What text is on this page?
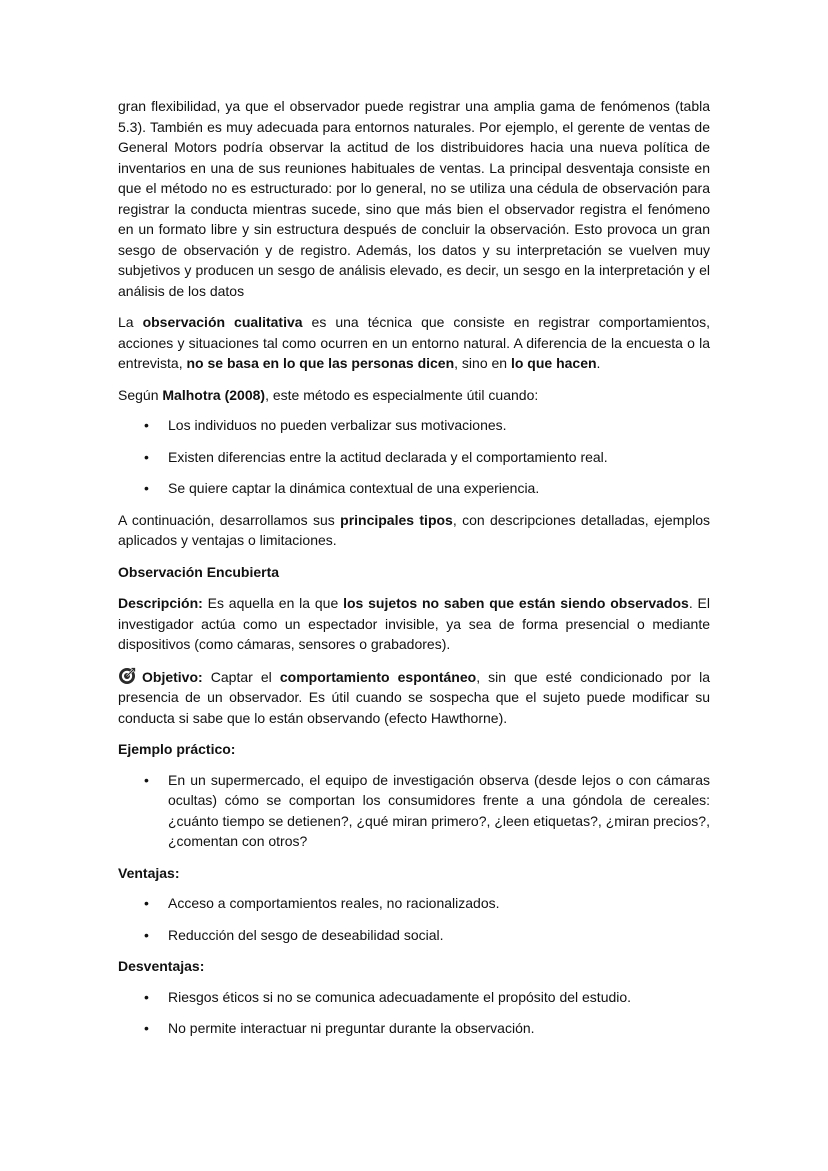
gran flexibilidad, ya que el observador puede registrar una amplia gama de fenómenos (tabla 5.3). También es muy adecuada para entornos naturales. Por ejemplo, el gerente de ventas de General Motors podría observar la actitud de los distribuidores hacia una nueva política de inventarios en una de sus reuniones habituales de ventas. La principal desventaja consiste en que el método no es estructurado: por lo general, no se utiliza una cédula de observación para registrar la conducta mientras sucede, sino que más bien el observador registra el fenómeno en un formato libre y sin estructura después de concluir la observación. Esto provoca un gran sesgo de observación y de registro. Además, los datos y su interpretación se vuelven muy subjetivos y producen un sesgo de análisis elevado, es decir, un sesgo en la interpretación y el análisis de los datos

La observación cualitativa es una técnica que consiste en registrar comportamientos, acciones y situaciones tal como ocurren en un entorno natural. A diferencia de la encuesta o la entrevista, no se basa en lo que las personas dicen, sino en lo que hacen.

Según Malhotra (2008), este método es especialmente útil cuando:

• Los individuos no pueden verbalizar sus motivaciones.
• Existen diferencias entre la actitud declarada y el comportamiento real.
• Se quiere captar la dinámica contextual de una experiencia.

A continuación, desarrollamos sus principales tipos, con descripciones detalladas, ejemplos aplicados y ventajas o limitaciones.

Observación Encubierta

Descripción: Es aquella en la que los sujetos no saben que están siendo observados. El investigador actúa como un espectador invisible, ya sea de forma presencial o mediante dispositivos (como cámaras, sensores o grabadores).

Objetivo: Captar el comportamiento espontáneo, sin que esté condicionado por la presencia de un observador. Es útil cuando se sospecha que el sujeto puede modificar su conducta si sabe que lo están observando (efecto Hawthorne).

Ejemplo práctico:

• En un supermercado, el equipo de investigación observa (desde lejos o con cámaras ocultas) cómo se comportan los consumidores frente a una góndola de cereales: ¿cuánto tiempo se detienen?, ¿qué miran primero?, ¿leen etiquetas?, ¿miran precios?, ¿comentan con otros?

Ventajas:

• Acceso a comportamientos reales, no racionalizados.
• Reducción del sesgo de deseabilidad social.

Desventajas:

• Riesgos éticos si no se comunica adecuadamente el propósito del estudio.
• No permite interactuar ni preguntar durante la observación.
